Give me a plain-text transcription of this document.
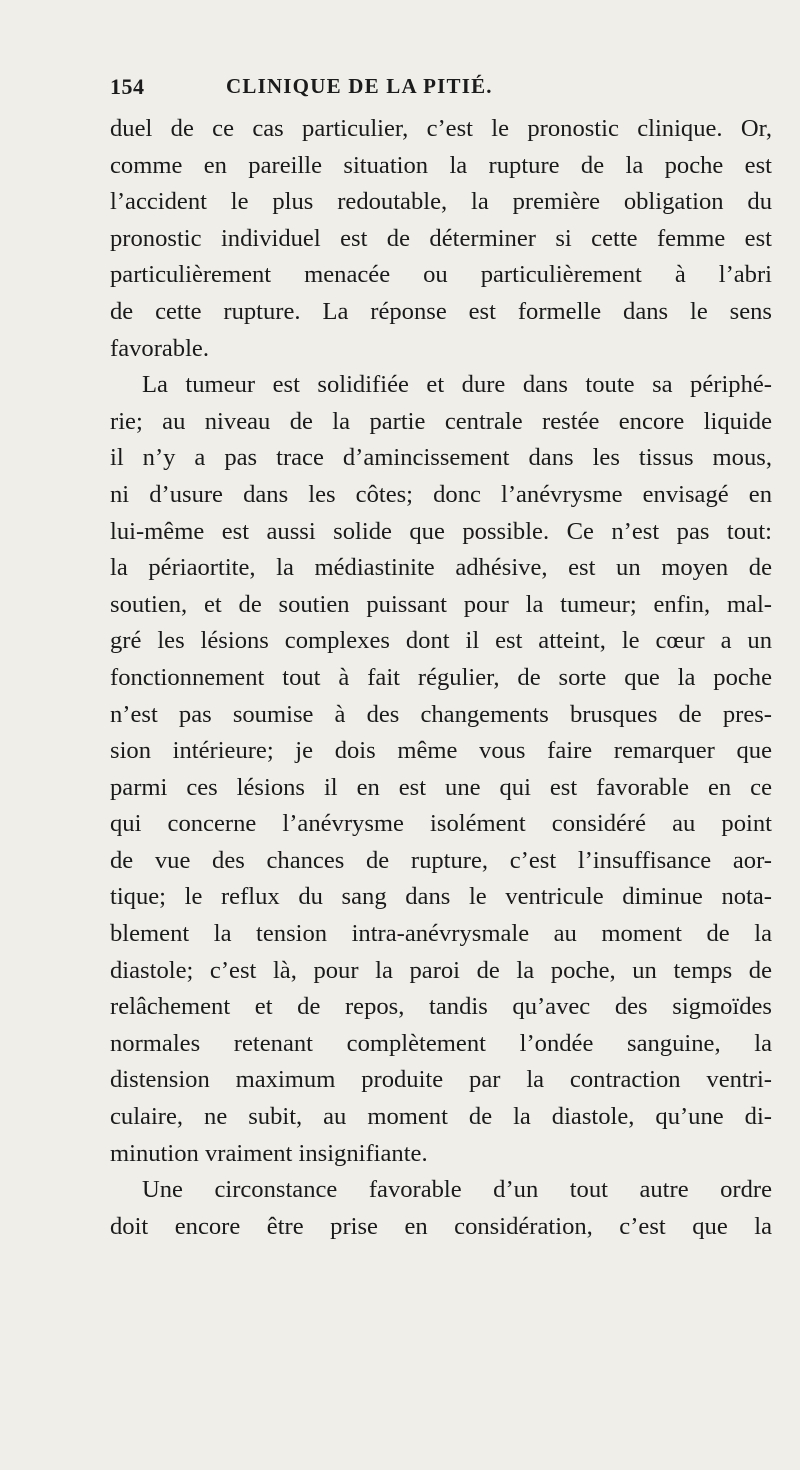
154	CLINIQUE DE LA PITIÉ.
duel de ce cas particulier, c’est le pronostic clinique. Or,
comme en pareille situation la rupture de la poche est
l’accident le plus redoutable, la première obligation du
pronostic individuel est de déterminer si cette femme est
particulièrement menacée ou particulièrement à l’abri
de cette rupture. La réponse est formelle dans le sens
favorable.
La tumeur est solidifiée et dure dans toute sa périphé-
rie; au niveau de la partie centrale restée encore liquide
il n’y a pas trace d’amincissement dans les tissus mous,
ni d’usure dans les côtes; donc l’anévrysme envisagé en
lui-même est aussi solide que possible. Ce n’est pas tout:
la périaortite, la médiastinite adhésive, est un moyen de
soutien, et de soutien puissant pour la tumeur; enfin, mal-
gré les lésions complexes dont il est atteint, le cœur a un
fonctionnement tout à fait régulier, de sorte que la poche
n’est pas soumise à des changements brusques de pres-
sion intérieure; je dois même vous faire remarquer que
parmi ces lésions il en est une qui est favorable en ce
qui concerne l’anévrysme isolément considéré au point
de vue des chances de rupture, c’est l’insuffisance aor-
tique; le reflux du sang dans le ventricule diminue nota-
blement la tension intra-anévrysmale au moment de la
diastole; c’est là, pour la paroi de la poche, un temps de
relâchement et de repos, tandis qu’avec des sigmoïdes
normales retenant complètement l’ondée sanguine, la
distension maximum produite par la contraction ventri-
culaire, ne subit, au moment de la diastole, qu’une di-
minution vraiment insignifiante.
Une circonstance favorable d’un tout autre ordre
doit encore être prise en considération, c’est que la
